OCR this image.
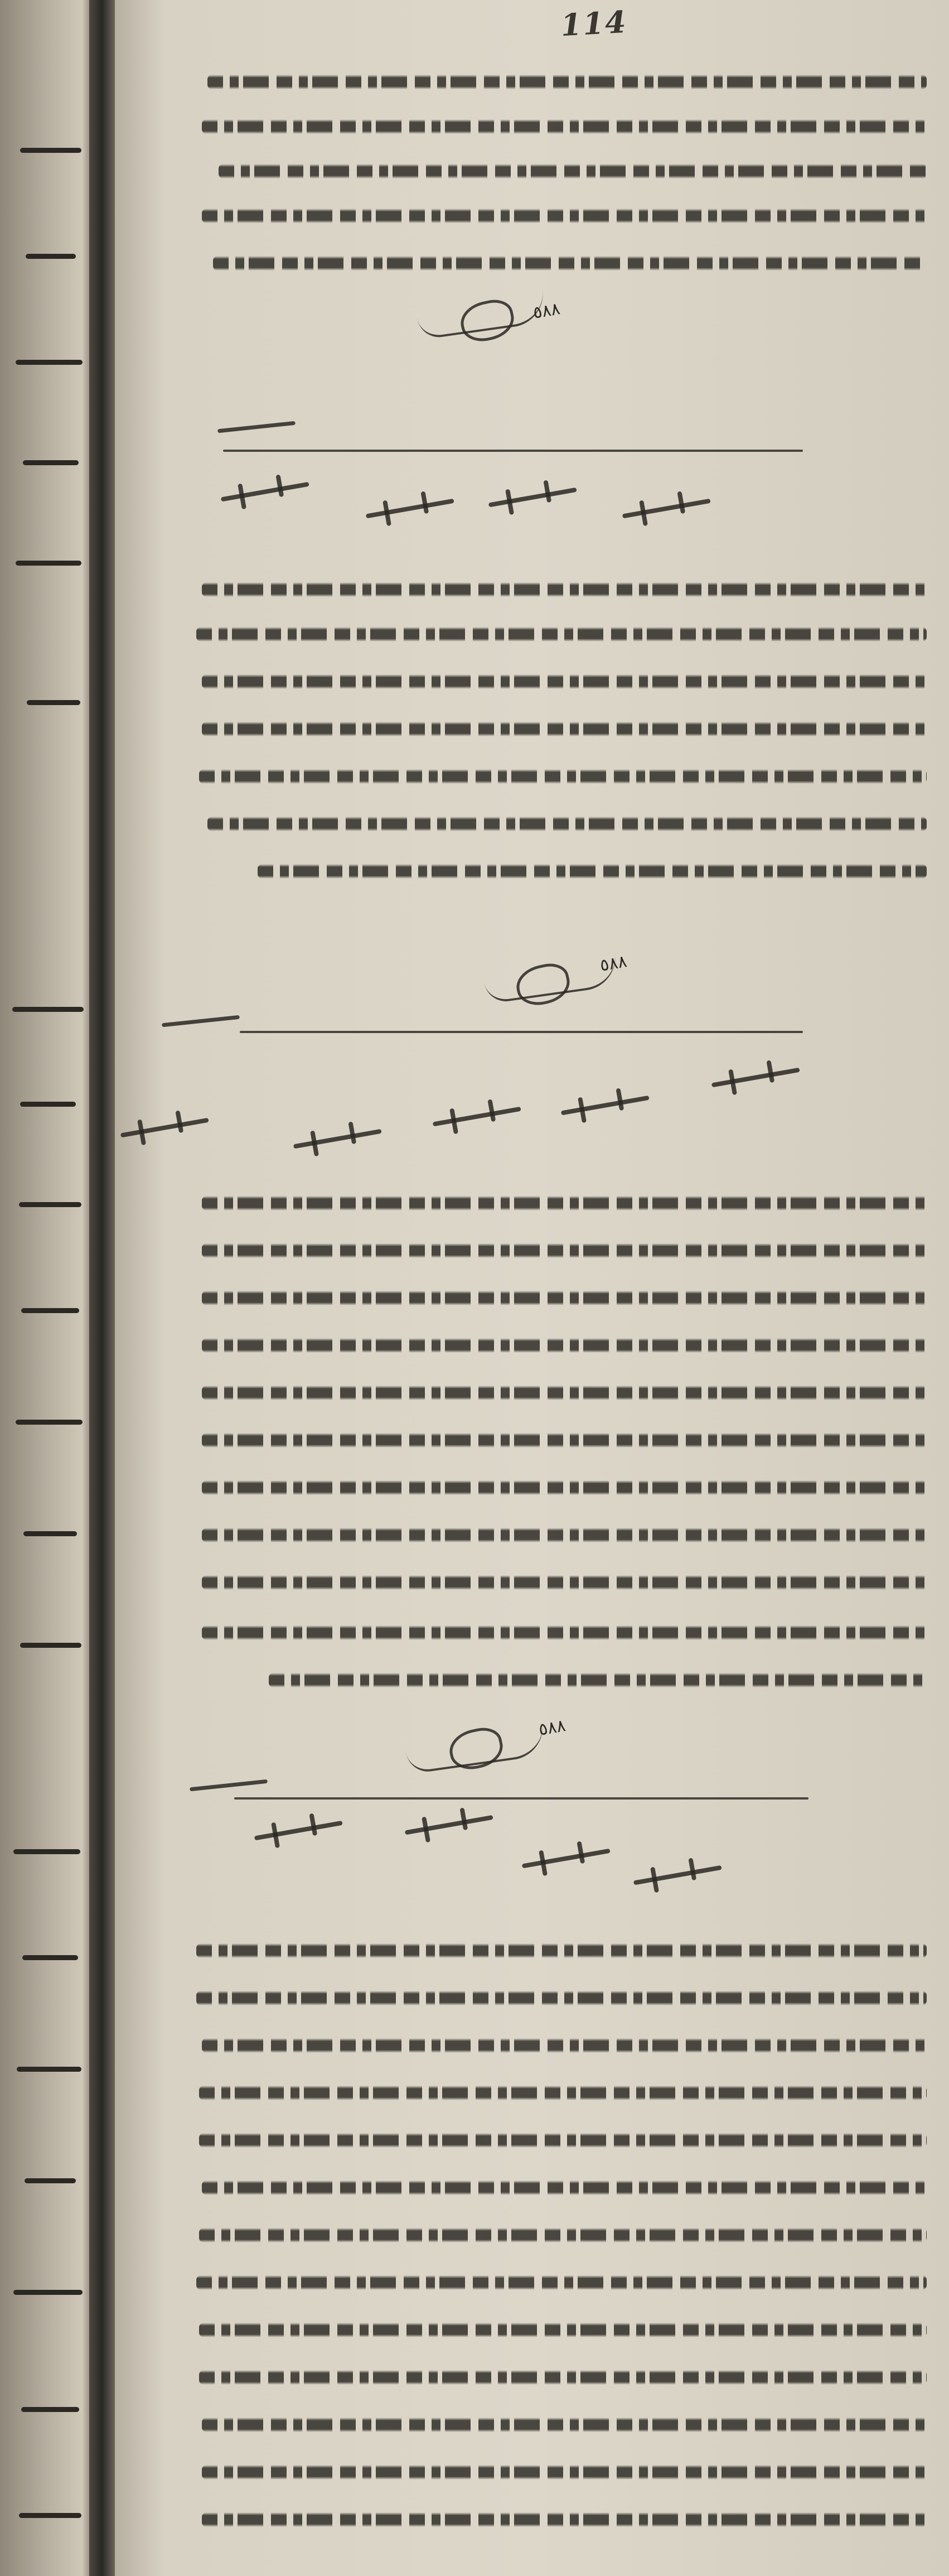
114
٥٨٨
٥٨٨
٥٨٨
